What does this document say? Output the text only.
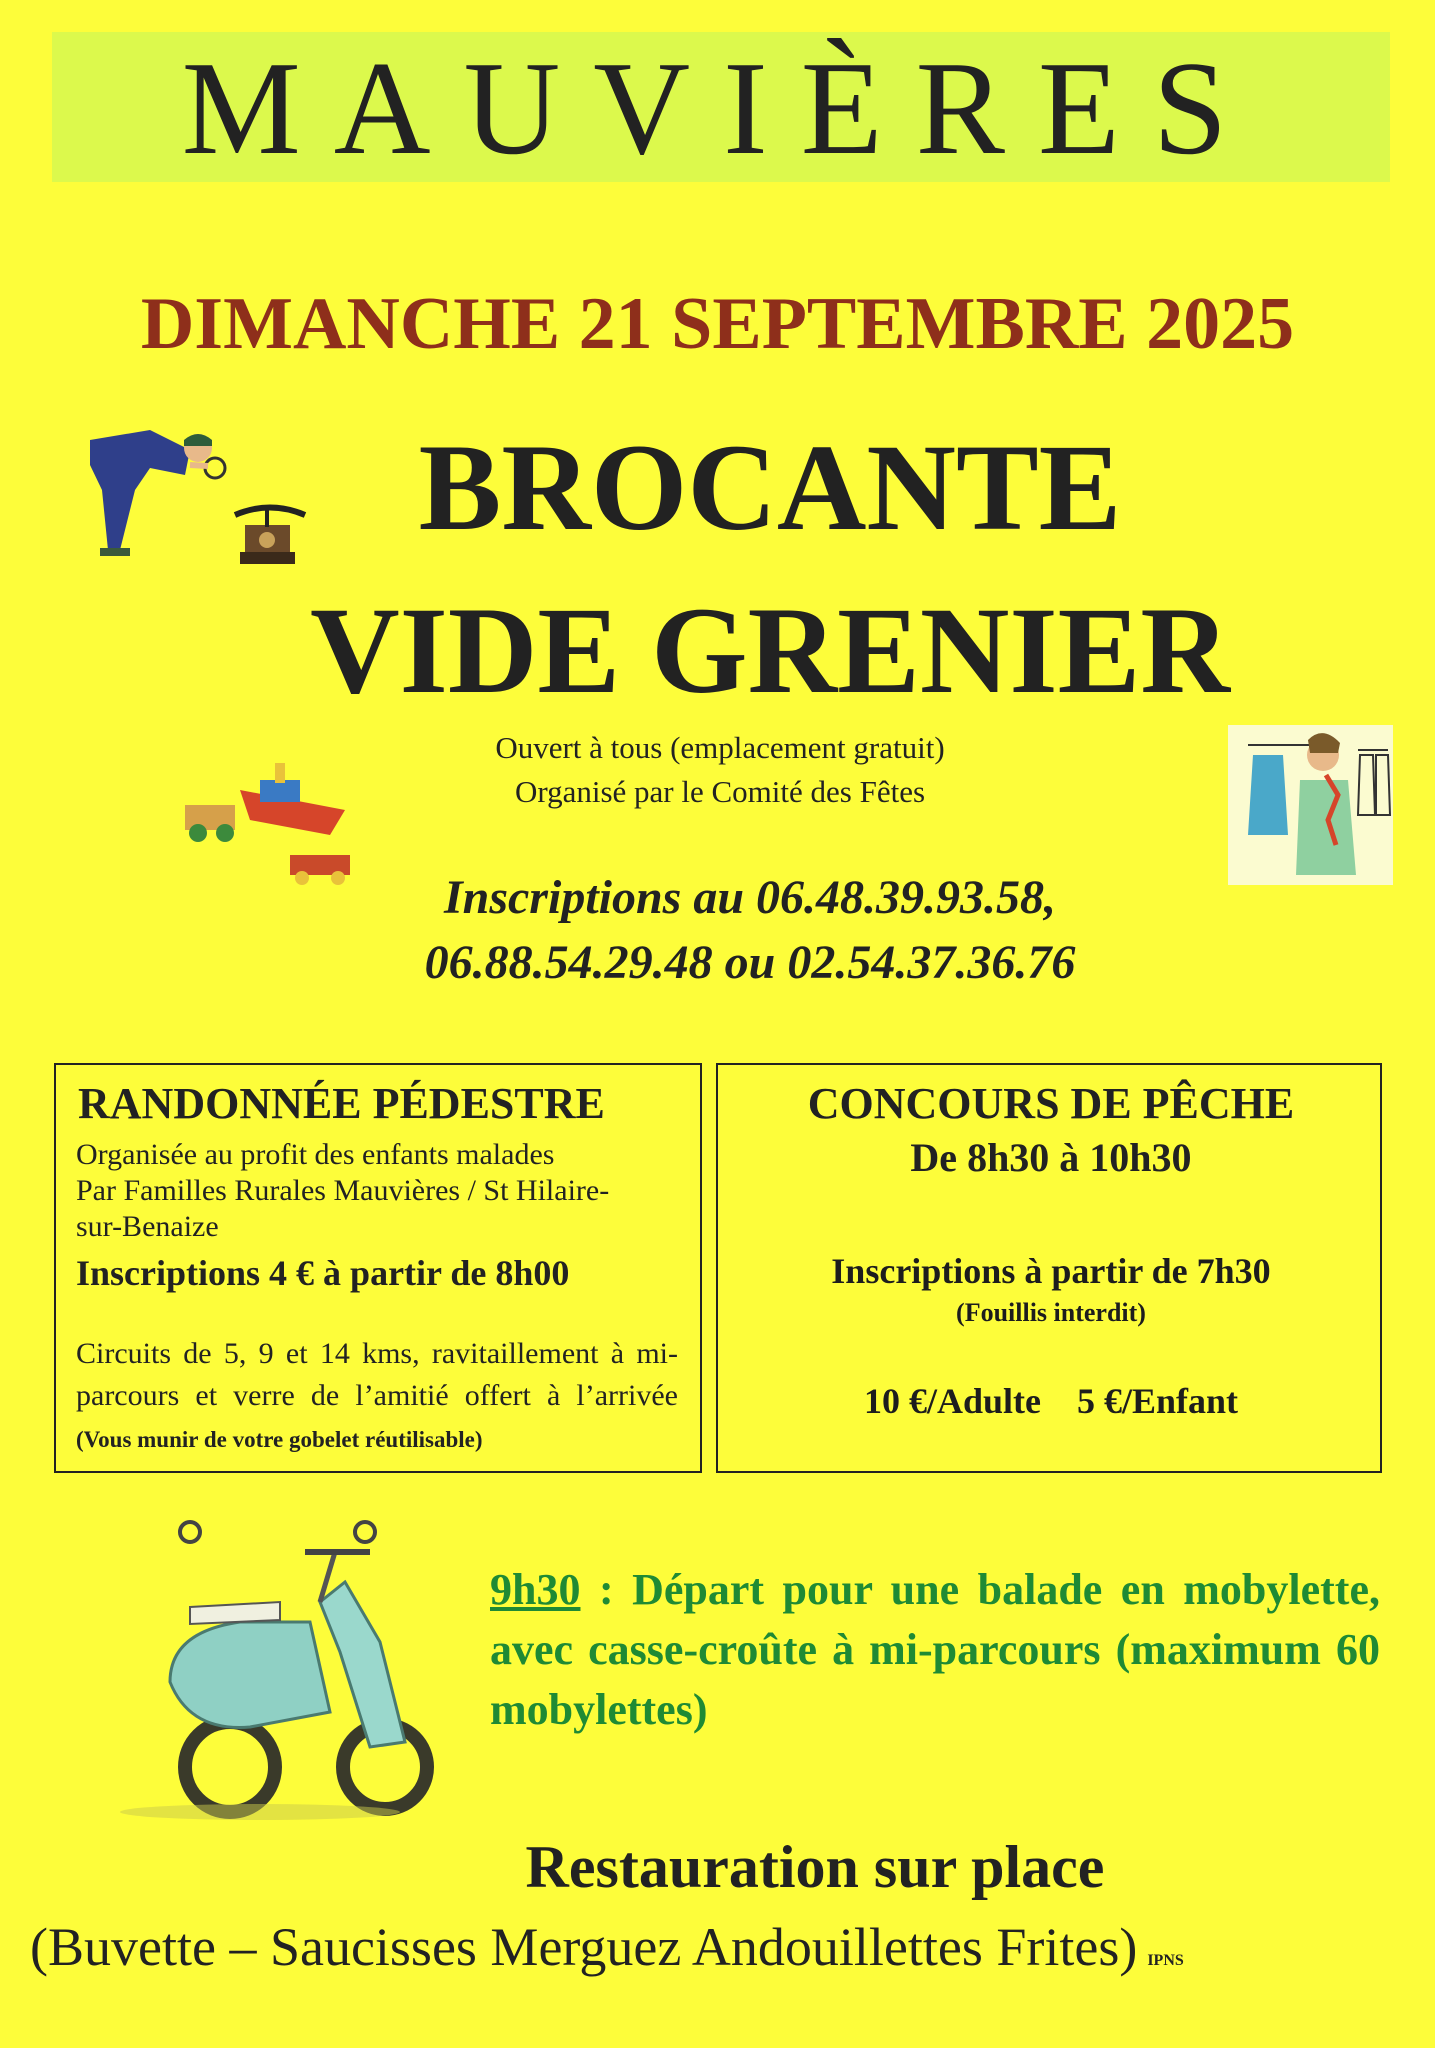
MAUVIÈRES
DIMANCHE 21 SEPTEMBRE 2025
BROCANTE
VIDE GRENIER
Ouvert à tous (emplacement gratuit)
Organisé par le Comité des Fêtes
Inscriptions au 06.48.39.93.58,
06.88.54.29.48 ou 02.54.37.36.76
RANDONNÉE PÉDESTRE
Organisée au profit des enfants malades
Par Familles Rurales Mauvières / St Hilaire-
sur-Benaize
Inscriptions 4 € à partir de 8h00
Circuits de 5, 9 et 14 kms, ravitaillement à mi-parcours et verre de l’amitié offert à l’arrivée (Vous munir de votre gobelet réutilisable)
CONCOURS DE PÊCHE
De 8h30 à 10h30
Inscriptions à partir de 7h30
(Fouillis interdit)
10 €/Adulte 5 €/Enfant
9h30 : Départ pour une balade en mobylette, avec casse-croûte à mi-parcours (maximum 60 mobylettes)
Restauration sur place
(Buvette – Saucisses Merguez Andouillettes Frites) IPNS
